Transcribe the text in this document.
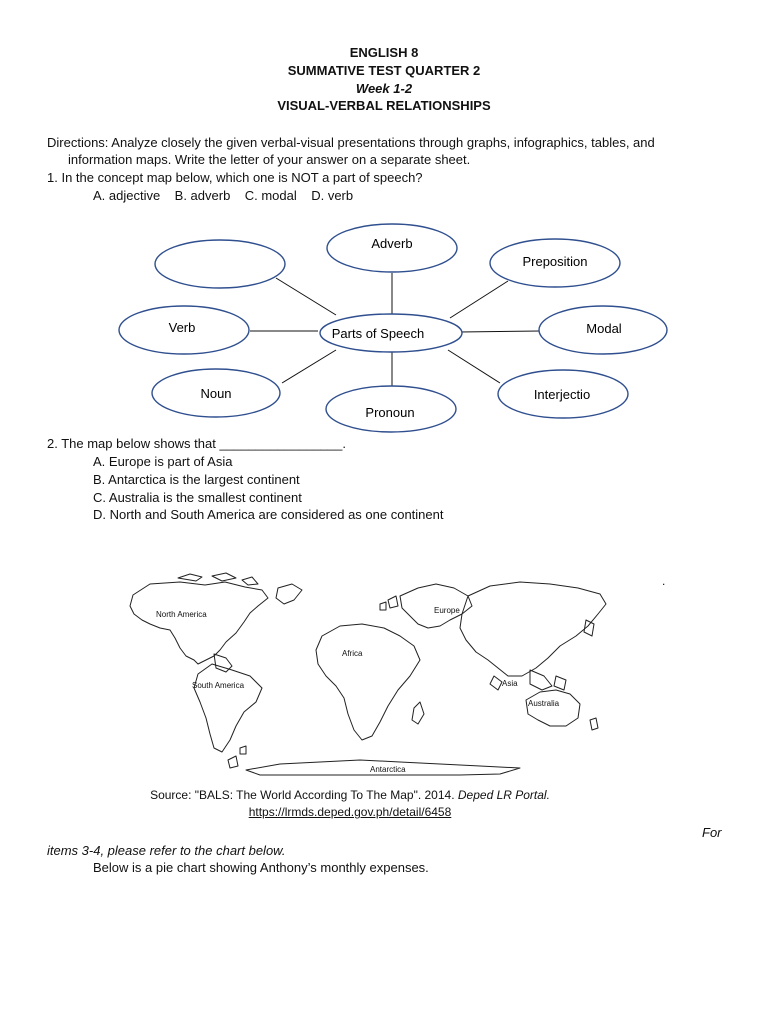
ENGLISH 8
SUMMATIVE TEST QUARTER 2
Week 1-2
VISUAL-VERBAL RELATIONSHIPS
Directions: Analyze closely the given verbal-visual presentations through graphs, infographics, tables, and
information maps. Write the letter of your answer on a separate sheet.
1. In the concept map below, which one is NOT a part of speech?
A. adjective    B. adverb    C. modal    D. verb
Adverb
Preposition
Verb	Parts of Speech	Modal
Noun
Pronoun
Interjectio
2. The map below shows that _________________.
A. Europe is part of Asia
B. Antarctica is the largest continent
C. Australia is the smallest continent
D. North and South America are considered as one continent
North America	Europe
Africa
Asia
South America
Australia
Antarctica
.
Source: "BALS: The World According To The Map". 2014. Deped LR Portal.
https://lrmds.deped.gov.ph/detail/6458
For
items 3-4, please refer to the chart below.
Below is a pie chart showing Anthony’s monthly expenses.
